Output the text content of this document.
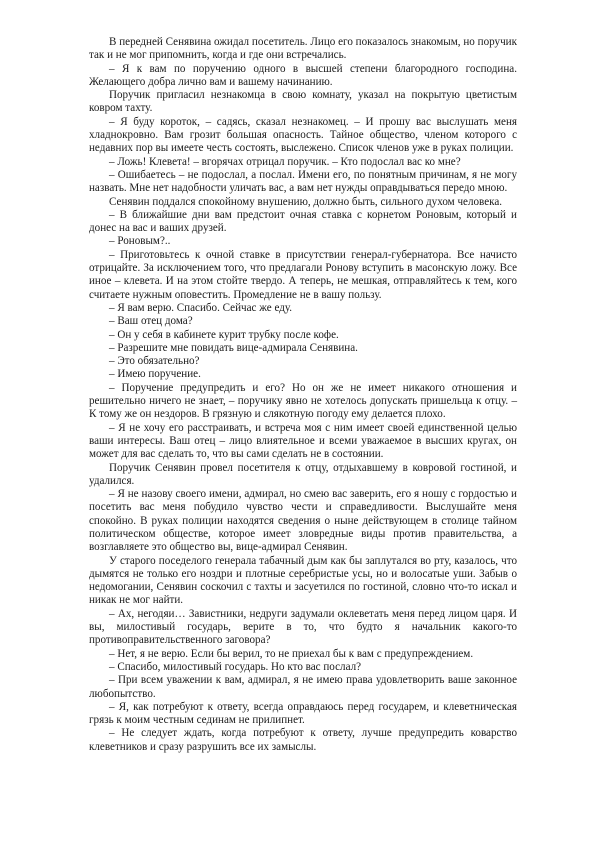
В передней Сенявина ожидал посетитель. Лицо его показалось знакомым, но поручик так и не мог припомнить, когда и где они встречались.

– Я к вам по поручению одного в высшей степени благородного господина. Желающего добра лично вам и вашему начинанию.

Поручик пригласил незнакомца в свою комнату, указал на покрытую цветистым ковром тахту.

– Я буду короток, – садясь, сказал незнакомец. – И прошу вас выслушать меня хладнокровно. Вам грозит большая опасность. Тайное общество, членом которого с недавних пор вы имеете честь состоять, выслежено. Список членов уже в руках полиции.

– Ложь! Клевета! – вгорячах отрицал поручик. – Кто подослал вас ко мне?

– Ошибаетесь – не подослал, а послал. Имени его, по понятным причинам, я не могу назвать. Мне нет надобности уличать вас, а вам нет нужды оправдываться передо мною.

Сенявин поддался спокойному внушению, должно быть, сильного духом человека.

– В ближайшие дни вам предстоит очная ставка с корнетом Роновым, который и донес на вас и ваших друзей.

– Роновым?..

– Приготовьтесь к очной ставке в присутствии генерал-губернатора. Все начисто отрицайте. За исключением того, что предлагали Ронову вступить в масонскую ложу. Все иное – клевета. И на этом стойте твердо. А теперь, не мешкая, отправляйтесь к тем, кого считаете нужным оповестить. Промедление не в вашу пользу.

– Я вам верю. Спасибо. Сейчас же еду.

– Ваш отец дома?

– Он у себя в кабинете курит трубку после кофе.

– Разрешите мне повидать вице-адмирала Сенявина.

– Это обязательно?

– Имею поручение.

– Поручение предупредить и его? Но он же не имеет никакого отношения и решительно ничего не знает, – поручику явно не хотелось допускать пришельца к отцу. – К тому же он нездоров. В грязную и слякотную погоду ему делается плохо.

– Я не хочу его расстраивать, и встреча моя с ним имеет своей единственной целью ваши интересы. Ваш отец – лицо влиятельное и всеми уважаемое в высших кругах, он может для вас сделать то, что вы сами сделать не в состоянии.

Поручик Сенявин провел посетителя к отцу, отдыхавшему в ковровой гостиной, и удалился.

– Я не назову своего имени, адмирал, но смею вас заверить, его я ношу с гордостью и посетить вас меня побудило чувство чести и справедливости. Выслушайте меня спокойно. В руках полиции находятся сведения о ныне действующем в столице тайном политическом обществе, которое имеет зловредные виды против правительства, а возглавляете это общество вы, вице-адмирал Сенявин.

У старого поседелого генерала табачный дым как бы заплутался во рту, казалось, что дымятся не только его ноздри и плотные серебристые усы, но и волосатые уши. Забыв о недомогании, Сенявин соскочил с тахты и засуетился по гостиной, словно что-то искал и никак не мог найти.

– Ах, негодяи… Завистники, недруги задумали оклеветать меня перед лицом царя. И вы, милостивый государь, верите в то, что будто я начальник какого-то противоправительственного заговора?

– Нет, я не верю. Если бы верил, то не приехал бы к вам с предупреждением.

– Спасибо, милостивый государь. Но кто вас послал?

– При всем уважении к вам, адмирал, я не имею права удовлетворить ваше законное любопытство.

– Я, как потребуют к ответу, всегда оправдаюсь перед государем, и клеветническая грязь к моим честным сединам не прилипнет.

– Не следует ждать, когда потребуют к ответу, лучше предупредить коварство клеветников и сразу разрушить все их замыслы.
